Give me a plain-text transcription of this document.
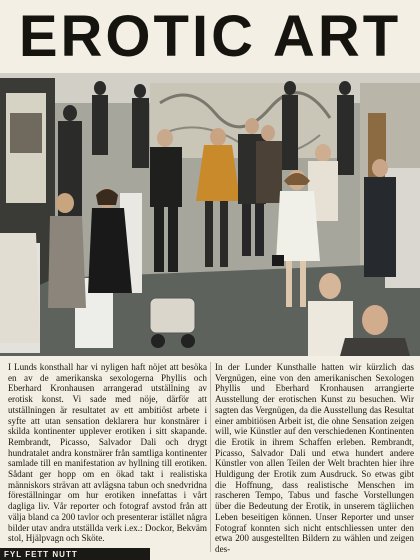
EROTIC ART
I Lunds konsthall har vi nyligen haft nöjet att besöka en av de amerikanska sexologerna Phyllis och Eberhard Kronhausen arrangerad utställning av erotisk konst. Vi sade med nöje, därför att utställningen är resultatet av ett ambitiöst arbete i syfte att utan sensation deklarera hur konstnärer i skilda kontinenter upplever erotiken i sitt skapande. Rembrandt, Picasso, Salvador Dali och drygt hundratalet andra konstnärer från samtliga kontinenter samlade till en manifestation av hyllning till erotiken. Sådant ger hopp om en ökad takt i realistiska människors strävan att avlägsna tabun och snedvridna föreställningar om hur erotiken innefattas i vårt dagliga liv. Vår reporter och fotograf avstod från att välja bland ca 200 tavlor och presenterar istället några bilder utav andra utställda verk i.ex.: Dockor, Bekväm stol, Hjälpvagn och Sköte.
In der Lunder Kunsthalle hatten wir kürzlich das Vergnügen, eine von den amerikanischen Sexologen Phyllis und Eberhard Kronhausen arrangierte Ausstellung der erotischen Kunst zu besuchen. Wir sagten das Vergnügen, da die Ausstellung das Resultat einer ambitiösen Arbeit ist, die ohne Sensation zeigen will, wie Künstler auf den verschiedenen Kontinenten die Erotik in ihrem Schaffen erleben. Rembrandt, Picasso, Salvador Dali und etwa hundert andere Künstler von allen Teilen der Welt brachten hier ihre Huldigung der Erotik zum Ausdruck. So etwas gibt die Hoffnung, dass realistische Menschen im rascheren Tempo, Tabus und fasche Vorstellungen über die Bedeutung der Erotik, in unserem tägliichen Leben beseitigen können. Unser Reporter und unser Fotograf konnten sich nicht entschliessen unter den etwa 200 ausgestellten Bildern zu wählen und zeigen des-
FYL FETT NUTT
